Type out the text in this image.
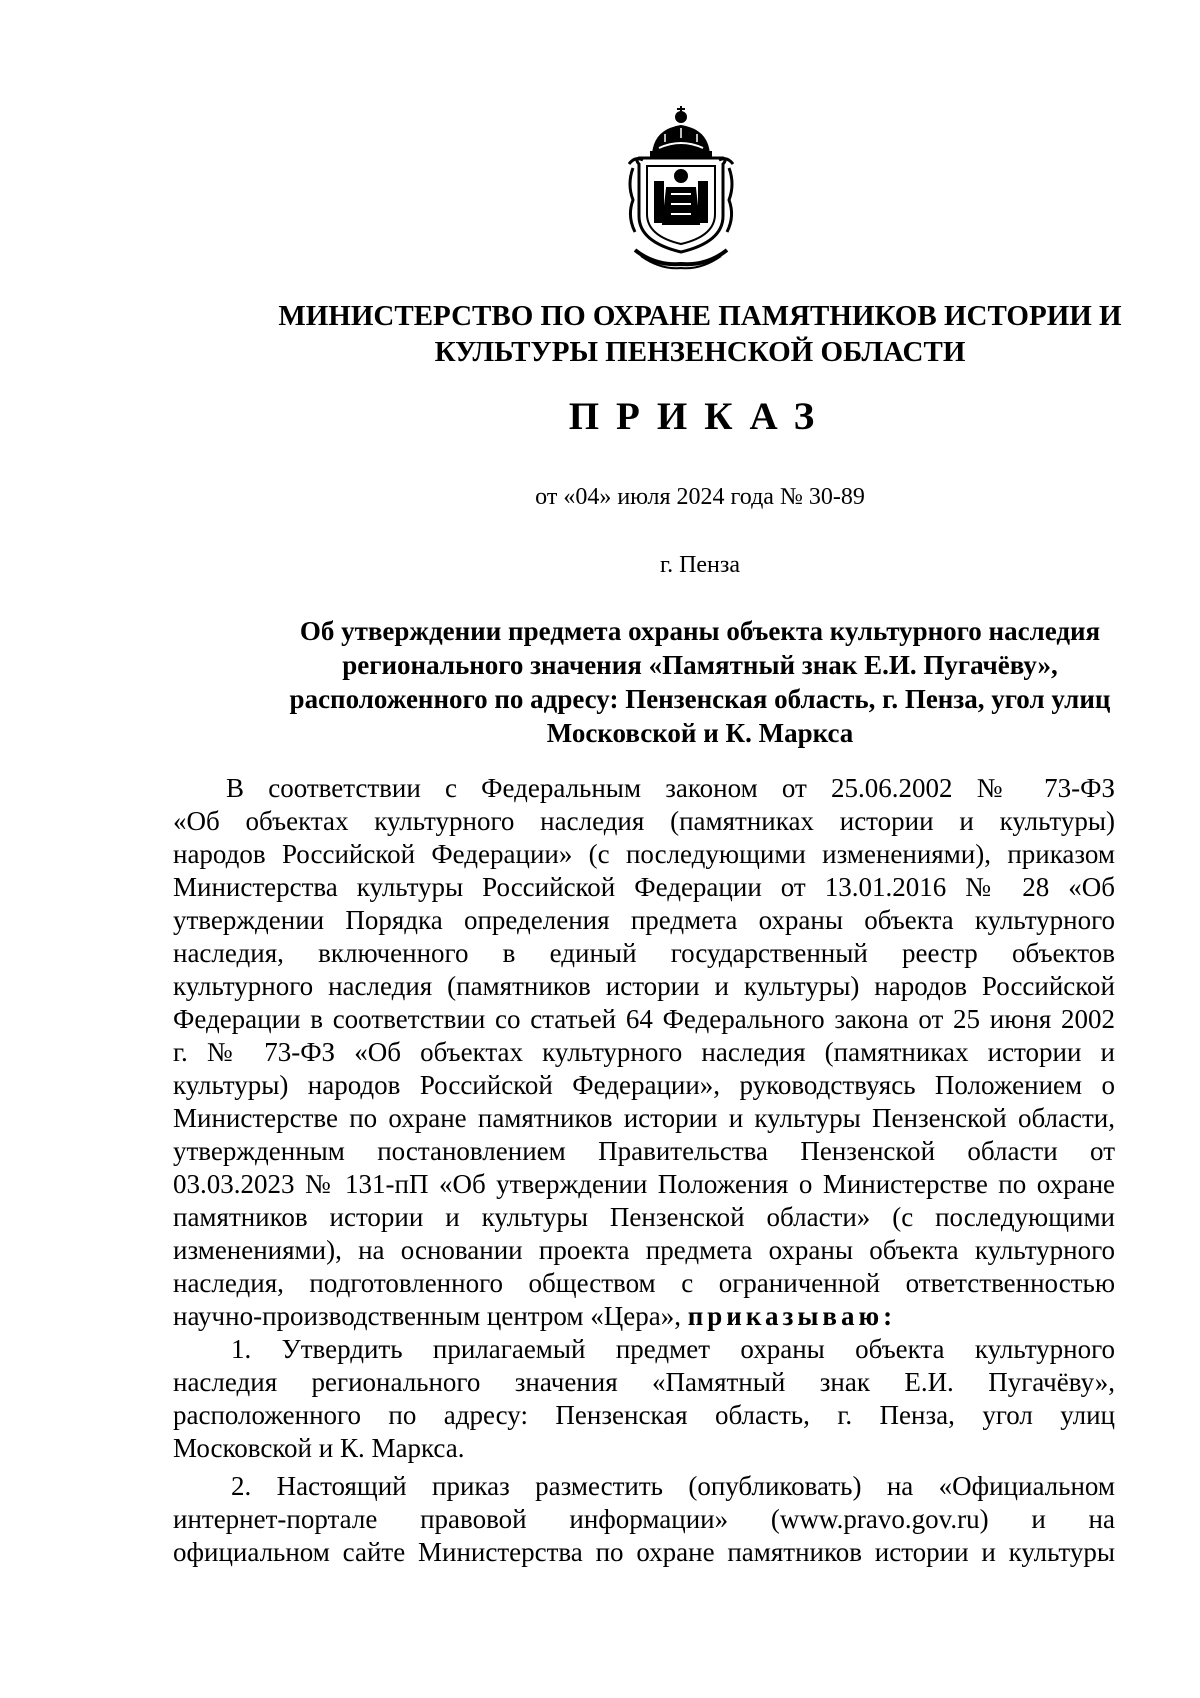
МИНИСТЕРСТВО ПО ОХРАНЕ ПАМЯТНИКОВ ИСТОРИИ И
КУЛЬТУРЫ ПЕНЗЕНСКОЙ ОБЛАСТИ
ПРИКАЗ
от «04» июля 2024 года № 30-89
г. Пенза
Об утверждении предмета охраны объекта культурного наследия
регионального значения «Памятный знак Е.И. Пугачёву»,
расположенного по адресу: Пензенская область, г. Пенза, угол улиц
Московской и К. Маркса
В соответствии с Федеральным законом от 25.06.2002 № 73-ФЗ
«Об объектах культурного наследия (памятниках истории и культуры)
народов Российской Федерации» (с последующими изменениями), приказом
Министерства культуры Российской Федерации от 13.01.2016 № 28 «Об
утверждении Порядка определения предмета охраны объекта культурного
наследия, включенного в единый государственный реестр объектов
культурного наследия (памятников истории и культуры) народов Российской
Федерации в соответствии со статьей 64 Федерального закона от 25 июня 2002
г. № 73-ФЗ «Об объектах культурного наследия (памятниках истории и
культуры) народов Российской Федерации», руководствуясь Положением о
Министерстве по охране памятников истории и культуры Пензенской области,
утвержденным постановлением Правительства Пензенской области от
03.03.2023 № 131-пП «Об утверждении Положения о Министерстве по охране
памятников истории и культуры Пензенской области» (с последующими
изменениями), на основании проекта предмета охраны объекта культурного
наследия, подготовленного обществом с ограниченной ответственностью
научно-производственным центром «Цера», приказываю:
1. Утвердить прилагаемый предмет охраны объекта культурного
наследия регионального значения «Памятный знак Е.И. Пугачёву»,
расположенного по адресу: Пензенская область, г. Пенза, угол улиц
Московской и К. Маркса.
2. Настоящий приказ разместить (опубликовать) на «Официальном
интернет-портале правовой информации» (www.pravo.gov.ru) и на
официальном сайте Министерства по охране памятников истории и культуры
